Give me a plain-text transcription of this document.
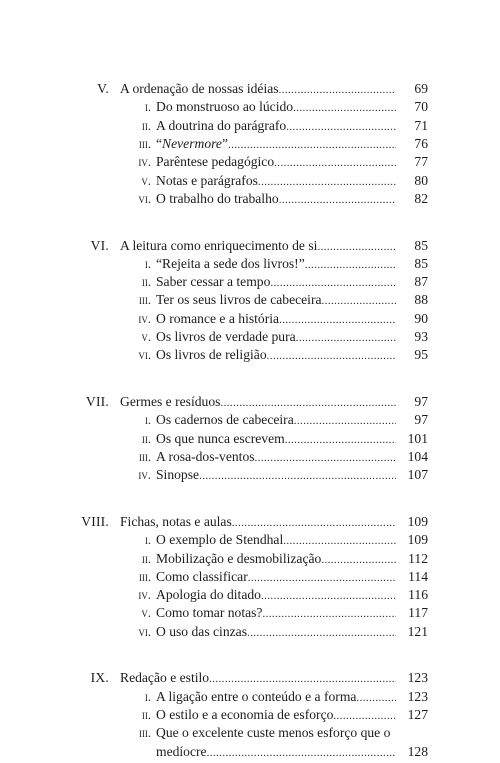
V. A ordenação de nossas idéias .....	69
i. Do monstruoso ao lúcido .....	70
ii. A doutrina do parágrafo .....	71
iii. “Nevermore” .....	76
iv. Parêntese pedagógico .....	77
v. Notas e parágrafos .....	80
vi. O trabalho do trabalho .....	82
VI. A leitura como enriquecimento de si .....	85
i. “Rejeita a sede dos livros!” .....	85
ii. Saber cessar a tempo .....	87
iii. Ter os seus livros de cabeceira .....	88
iv. O romance e a história .....	90
v. Os livros de verdade pura .....	93
vi. Os livros de religião .....	95
VII. Germes e resíduos .....	97
i. Os cadernos de cabeceira .....	97
ii. Os que nunca escrevem .....	101
iii. A rosa-dos-ventos .....	104
iv. Sinopse .....	107
VIII. Fichas, notas e aulas .....	109
i. O exemplo de Stendhal .....	109
ii. Mobilização e desmobilização .....	112
iii. Como classificar .....	114
iv. Apologia do ditado .....	116
v. Como tomar notas? .....	117
vi. O uso das cinzas .....	121
IX. Redação e estilo .....	123
i. A ligação entre o conteúdo e a forma .....	123
ii. O estilo e a economia de esforço .....	127
iii. Que o excelente custe menos esforço que o
medíocre .....	128
